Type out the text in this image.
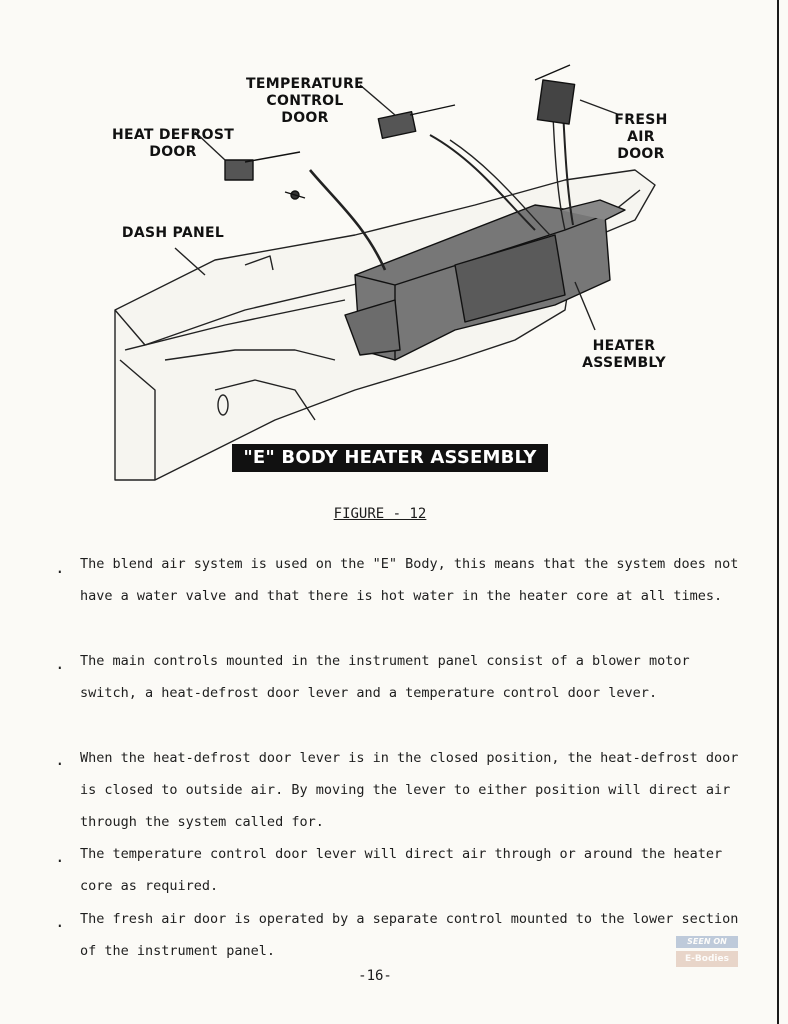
TEMPERATURE
CONTROL
DOOR
HEAT DEFROST
DOOR
FRESH
AIR
DOOR
DASH PANEL
HEATER
ASSEMBLY
"E" BODY HEATER ASSEMBLY
FIGURE - 12
. The blend air system is used on the "E" Body, this means that the system does not have a water valve and that there is hot water in the heater core at all times.

. The main controls mounted in the instrument panel consist of a blower motor switch, a heat-defrost door lever and a temperature control door lever.

. When the heat-defrost door lever is in the closed position, the heat-defrost door is closed to outside air. By moving the lever to either position will direct air through the system called for.

. The temperature control door lever will direct air through or around the heater core as required.

. The fresh air door is operated by a separate control mounted to the lower section of the instrument panel.

-16-
SEEN ON
E-Bodies
